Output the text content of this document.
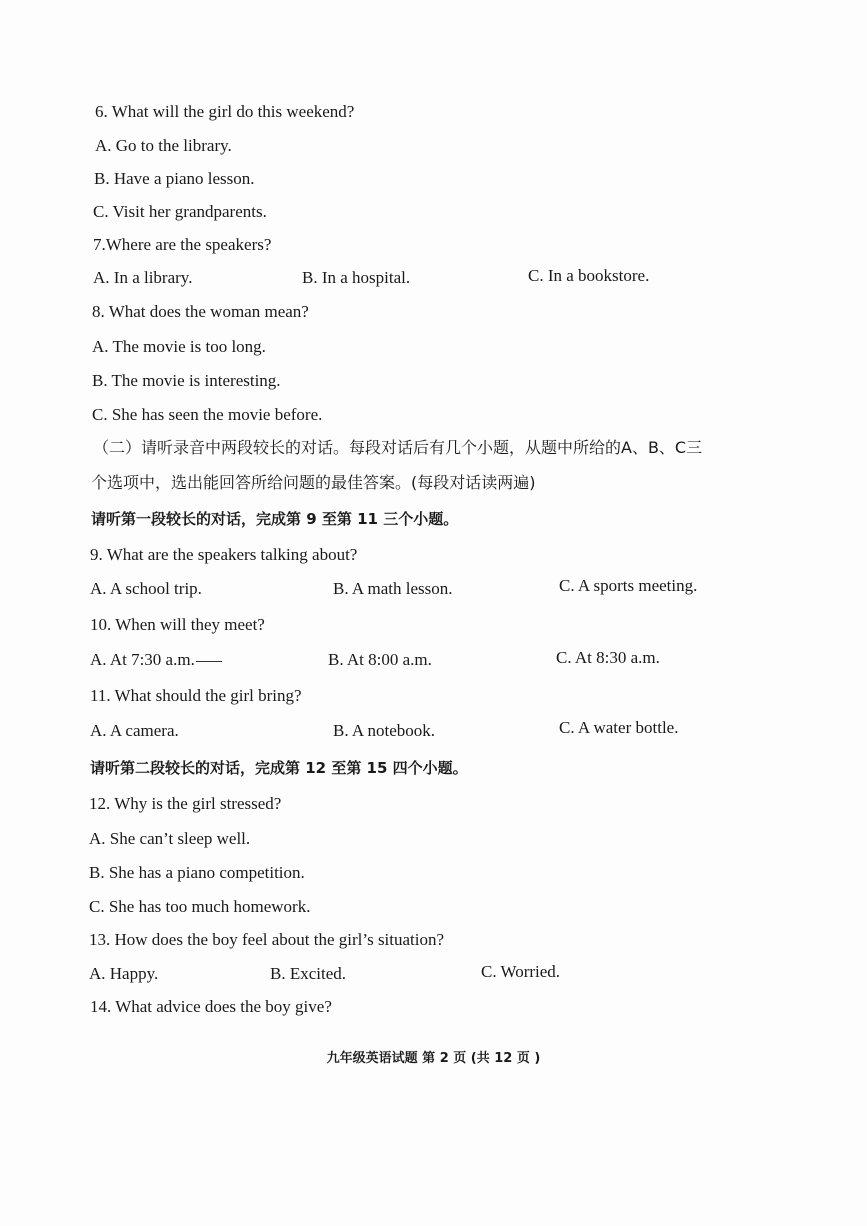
6. What will the girl do this weekend?
A. Go to the library.
B. Have a piano lesson.
C. Visit her grandparents.
7.Where are the speakers?
A. In a library.	B. In a hospital.	C. In a bookstore.
8. What does the woman mean?
A. The movie is too long.
B. The movie is interesting.
C. She has seen the movie before.
（二）请听录音中两段较长的对话。每段对话后有几个小题，从题中所给的A、B、C三
个选项中，选出能回答所给问题的最佳答案。(每段对话读两遍)
请听第一段较长的对话，完成第 9 至第 11 三个小题。
9. What are the speakers talking about?
A. A school trip.	B. A math lesson.	C. A sports meeting.
10. When will they meet?
A. At 7:30 a.m.	B. At 8:00 a.m.	C. At 8:30 a.m.
11. What should the girl bring?
A. A camera.	B. A notebook.	C. A water bottle.
请听第二段较长的对话，完成第 12 至第 15 四个小题。
12. Why is the girl stressed?
A. She can’t sleep well.
B. She has a piano competition.
C. She has too much homework.
13. How does the boy feel about the girl’s situation?
A. Happy.	B. Excited.	C. Worried.
14. What advice does the boy give?
九年级英语试题 第 2 页 (共 12 页 )
